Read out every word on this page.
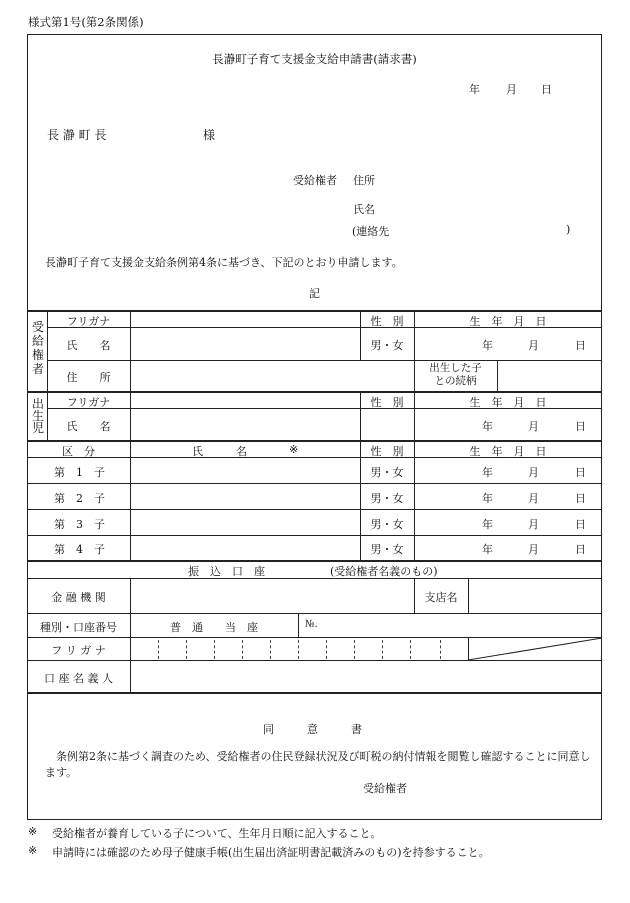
様式第1号(第2条関係)
長瀞町子育て支援金支給申請書(請求書)
年 月 日
長 瀞 町 長	様
受給権者 住所
氏名
(連絡先	)
長瀞町子育て支援金支給条例第4条に基づき、下記のとおり申請します。
記
受
給
権
者
フリガナ	性　別	生　年　月　日
氏　　名	男・女	年	月	日
住　　所
出生した子
との続柄
出
生
児
フリガナ	性　別	生　年　月　日
氏　　名	年	月	日
区　分	氏　　　名	※	性　別	生　年　月　日
第　1　子	男・女	年	月	日
第　2　子	男・女	年	月	日
第　3　子	男・女	年	月	日
第　4　子	男・女	年	月	日
振　込　口　座	(受給権者名義のもの)
金 融 機 関	支店名
種別・口座番号	普　通　　当　座	№.
フ リ ガ ナ
口 座 名 義 人
同　　　意　　　書
条例第2条に基づく調査のため、受給権者の住民登録状況及び町税の納付情報を閲覧し確認することに同意します。
受給権者
※ 受給権者が養育している子について、生年月日順に記入すること。
※ 申請時には確認のため母子健康手帳(出生届出済証明書記載済みのもの)を持参すること。
